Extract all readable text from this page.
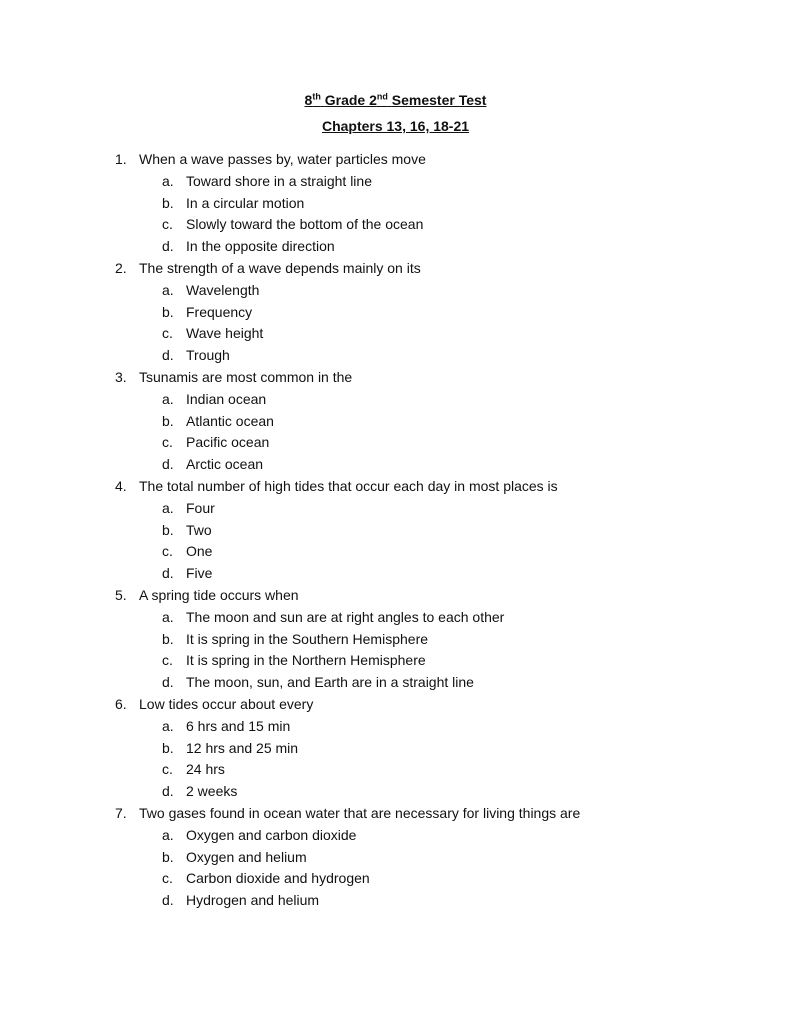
8th Grade 2nd Semester Test
Chapters 13, 16, 18-21
1. When a wave passes by, water particles move
a. Toward shore in a straight line
b. In a circular motion
c. Slowly toward the bottom of the ocean
d. In the opposite direction
2. The strength of a wave depends mainly on its
a. Wavelength
b. Frequency
c. Wave height
d. Trough
3. Tsunamis are most common in the
a. Indian ocean
b. Atlantic ocean
c. Pacific ocean
d. Arctic ocean
4. The total number of high tides that occur each day in most places is
a. Four
b. Two
c. One
d. Five
5. A spring tide occurs when
a. The moon and sun are at right angles to each other
b. It is spring in the Southern Hemisphere
c. It is spring in the Northern Hemisphere
d. The moon, sun, and Earth are in a straight line
6. Low tides occur about every
a. 6 hrs and 15 min
b. 12 hrs and 25 min
c. 24 hrs
d. 2 weeks
7. Two gases found in ocean water that are necessary for living things are
a. Oxygen and carbon dioxide
b. Oxygen and helium
c. Carbon dioxide and hydrogen
d. Hydrogen and helium
